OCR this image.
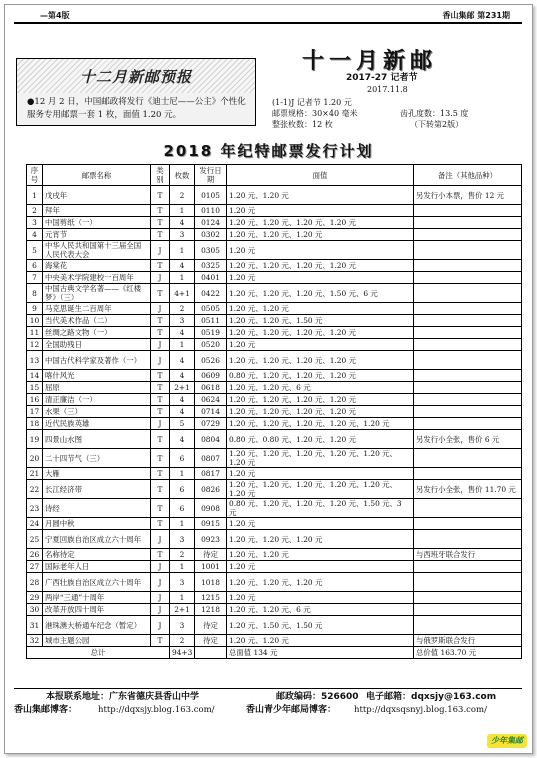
—第4版	香山集邮 第231期
十二月新邮预报
●12 月 2 日，中国邮政将发行《迪士尼——公主》个性化服务专用邮票一套 1 枚，面值 1.20 元。
十一月新邮
2017-27 记者节
2017.11.8
(1-1)J 记者节 1.20 元
邮票规格：30×40 毫米	齿孔度数：13.5 度
整张枚数：12 枚	（下转第2版）
2018 年纪特邮票发行计划
序号	邮票名称	类别	枚数	发行日期	面值	备注（其他品种）
1	戊戌年	T	2	0105	1.20 元、1.20 元	另发行小本票，售价 12 元
2	拜年	T	1	0110	1.20 元	
3	中国剪纸（一）	T	4	0124	1.20 元、1.20 元、1.20 元、1.20 元	
4	元宵节	T	3	0302	1.20 元、1.20 元、1.20 元	
5	中华人民共和国第十三届全国人民代表大会	J	1	0305	1.20 元	
6	海棠花	T	4	0325	1.20 元、1.20 元、1.20 元、1.20 元	
7	中央美术学院建校一百周年	J	1	0401	1.20 元	
8	中国古典文学名著——《红楼梦》（三）	T	4+1	0422	1.20 元、1.20 元、1.20 元、1.50 元、6 元	
9	马克思诞生二百周年	J	2	0505	1.20 元、1.20 元	
10	当代美术作品（二）	T	3	0511	1.20 元、1.20 元、1.50 元	
11	丝绸之路文物（一）	T	4	0519	1.20 元、1.20 元、1.20 元、1.20 元	
12	全国助残日	J	1	0520	1.20 元	
13	中国古代科学家及著作（一）	J	4	0526	1.20 元、1.20 元、1.20 元、1.20 元	
14	喀什风光	T	4	0609	0.80 元、1.20 元、1.20 元、1.20 元	
15	屈原	T	2+1	0618	1.20 元、1.20 元、6 元	
16	清正廉洁（一）	T	4	0624	1.20 元、1.20 元、1.20 元、1.20 元	
17	水果（三）	T	4	0714	1.20 元、1.20 元、1.20 元、1.20 元	
18	近代民族英雄	J	5	0729	1.20 元、1.20 元、1.20 元、1.20 元、1.20 元	
19	四景山水图	T	4	0804	0.80 元、0.80 元、1.20 元、1.20 元	另发行小全张，售价 6 元
20	二十四节气（三）	T	6	0807	1.20 元、1.20 元、1.20 元、1.20 元、1.20 元、1.20 元	
21	大雁	T	1	0817	1.20 元	
22	长江经济带	T	6	0826	1.20 元、1.20 元、1.20 元、1.20 元、1.20 元、1.20 元	另发行小全张，售价 11.70 元
23	诗经	T	6	0908	0.80 元、1.20 元、1.20 元、1.20 元、1.50 元、3 元	
24	月圆中秋	T	1	0915	1.20 元	
25	宁夏回族自治区成立六十周年	J	3	0923	1.20 元、1.20 元、1.20 元	
26	名称待定	T	2	待定	1.20 元、1.20 元	与西班牙联合发行
27	国际老年人日	J	1	1001	1.20 元	
28	广西壮族自治区成立六十周年	J	3	1018	1.20 元、1.20 元、1.20 元	
29	两岸“三通”十周年	J	1	1215	1.20 元	
30	改革开放四十周年	J	2+1	1218	1.20 元、1.20 元、6 元	
31	港珠澳大桥通车纪念（暂定）	J	3	待定	1.20 元、1.50 元、1.50 元	
32	城市主题公园	T	2	待定	1.20 元、1.20 元	与俄罗斯联合发行
总计			94+3		总面值 134 元	总价值 163.70 元
本报联系地址：广东省德庆县香山中学	邮政编码：526600 电子邮箱：dqxsjy@163.com
香山集邮博客： http://dqxsjy.blog.163.com/	香山青少年邮局博客： http://dqxsqsnyj.blog.163.com/
少年集邮
